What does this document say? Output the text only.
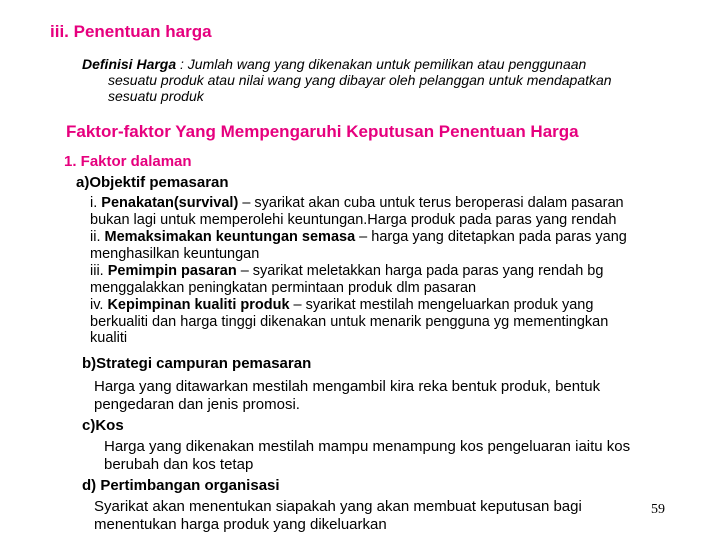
iii. Penentuan harga
Definisi Harga : Jumlah wang yang dikenakan untuk pemilikan atau penggunaan
sesuatu produk atau nilai wang yang dibayar oleh pelanggan untuk mendapatkan
sesuatu produk
Faktor-faktor Yang Mempengaruhi Keputusan Penentuan Harga
1. Faktor dalaman
a)Objektif pemasaran
i. Penakatan(survival) – syarikat akan cuba untuk terus beroperasi dalam pasaran
bukan lagi untuk memperolehi keuntungan.Harga produk pada paras yang rendah
ii. Memaksimakan keuntungan semasa – harga yang ditetapkan pada paras yang
menghasilkan keuntungan
iii. Pemimpin pasaran – syarikat meletakkan harga pada paras yang rendah bg
menggalakkan peningkatan permintaan produk dlm pasaran
iv. Kepimpinan kualiti produk – syarikat mestilah mengeluarkan produk yang
berkualiti dan harga tinggi dikenakan untuk menarik pengguna yg mementingkan
kualiti
b)Strategi campuran pemasaran
Harga yang ditawarkan mestilah mengambil kira reka bentuk produk, bentuk
pengedaran dan jenis promosi.
c)Kos
Harga yang dikenakan mestilah mampu menampung kos pengeluaran iaitu kos
berubah dan kos tetap
d) Pertimbangan organisasi
Syarikat akan menentukan siapakah yang akan membuat keputusan bagi
menentukan harga produk yang dikeluarkan
59
